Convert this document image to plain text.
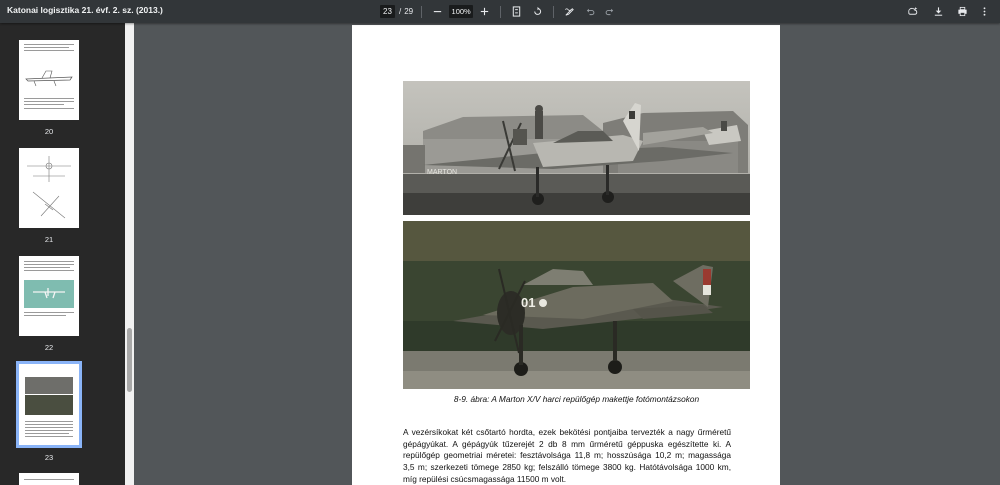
Katonai logisztika 21. évf. 2. sz. (2013.)	23 / 29	100%
20
21
22
23
MARTON
01
8-9. ábra: A Marton X/V harci repülőgép makettje fotómontázsokon
A vezérsíkokat két csőtartó hordta, ezek bekötési pontjaiba tervezték a nagy űrméretű gépágyúkat. A gépágyúk tűzerejét 2 db 8 mm űrméretű géppuska egészítette ki. A repülőgép geometriai méretei: fesztávolsága 11,8 m; hosszúsága 10,2 m; magassága 3,5 m; szerkezeti tömege 2850 kg; felszálló tömege 3800 kg. Hatótávolsága 1000 km, míg repülési csúcsmagassága 11500 m volt.
